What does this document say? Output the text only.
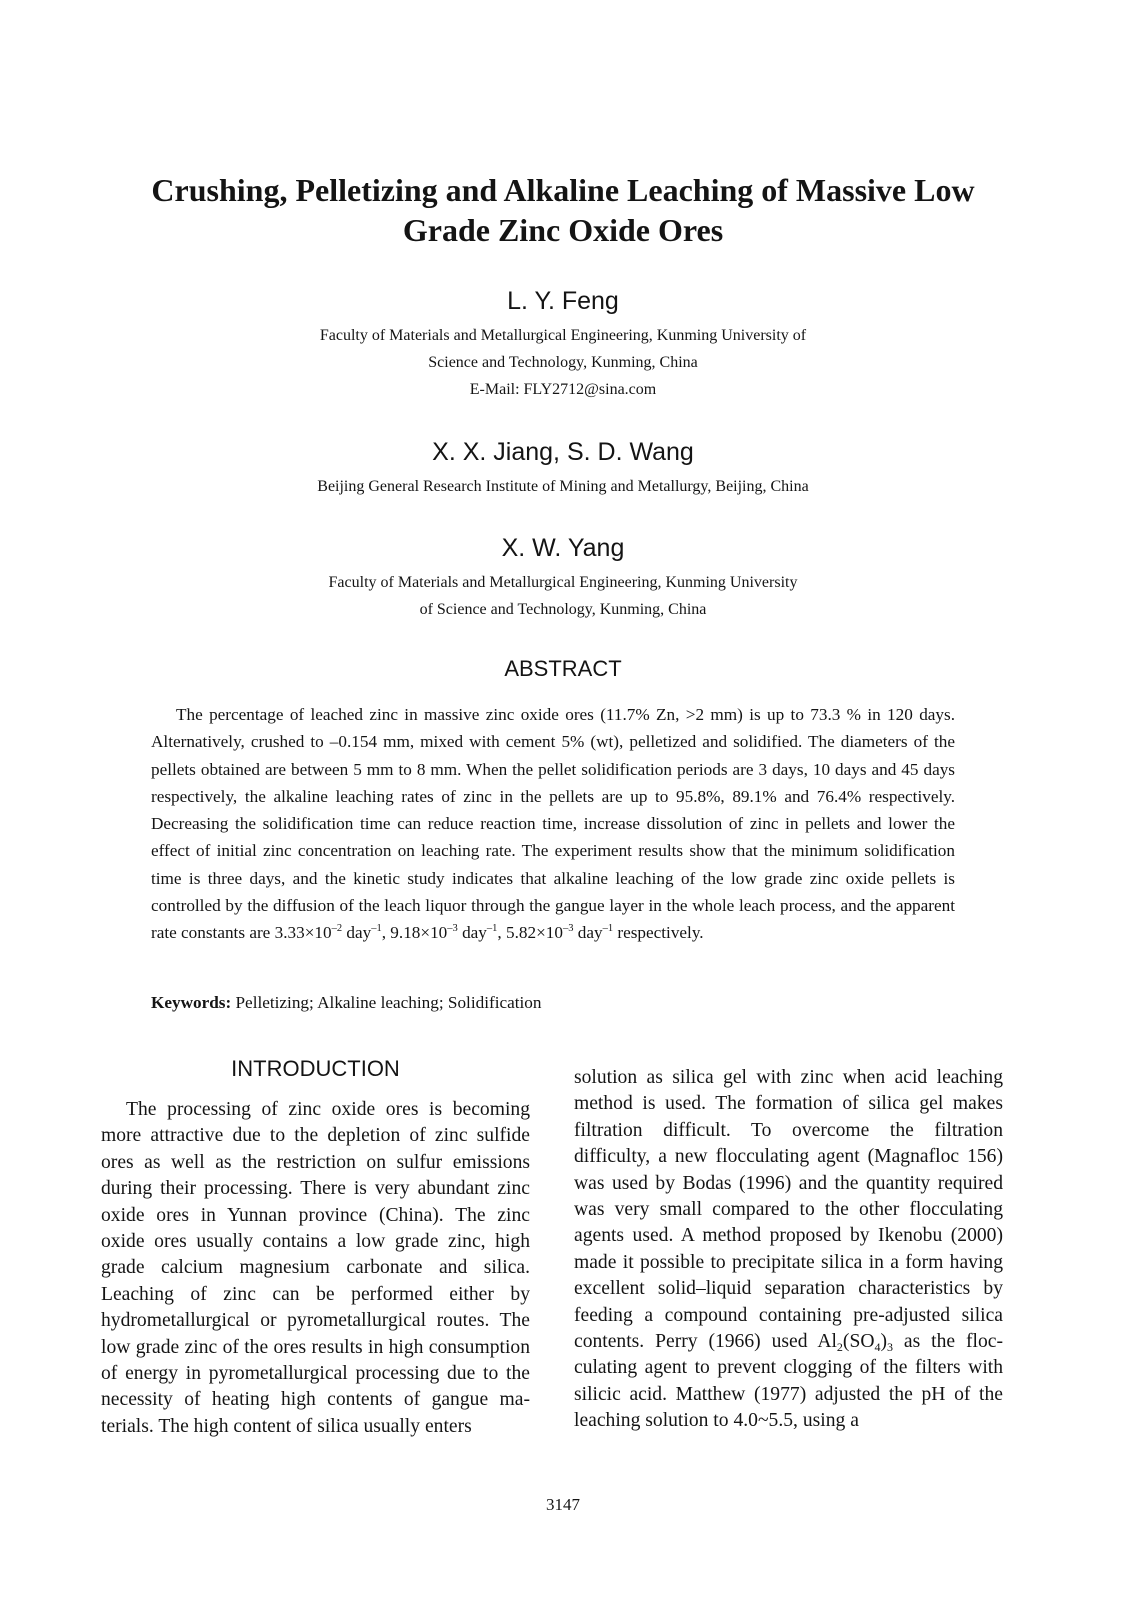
Crushing, Pelletizing and Alkaline Leaching of Massive Low
Grade Zinc Oxide Ores
L. Y. Feng
Faculty of Materials and Metallurgical Engineering, Kunming University of
Science and Technology, Kunming, China
E-Mail: FLY2712@sina.com
X. X. Jiang, S. D. Wang
Beijing General Research Institute of Mining and Metallurgy, Beijing, China
X. W. Yang
Faculty of Materials and Metallurgical Engineering, Kunming University
of Science and Technology, Kunming, China
ABSTRACT
The percentage of leached zinc in massive zinc oxide ores (11.7% Zn, >2 mm) is up to 73.3 % in 120 days. Alternatively, crushed to –0.154 mm, mixed with cement 5% (wt), pelletized and solidified. The diameters of the pellets obtained are between 5 mm to 8 mm. When the pellet solidification periods are 3 days, 10 days and 45 days respectively, the alkaline leaching rates of zinc in the pellets are up to 95.8%, 89.1% and 76.4% respectively. Decreasing the solidification time can reduce reaction time, increase dissolution of zinc in pellets and lower the effect of initial zinc concentration on leaching rate. The experiment results show that the minimum solidification time is three days, and the kinetic study indicates that alkaline leaching of the low grade zinc oxide pellets is controlled by the diffusion of the leach liquor through the gangue layer in the whole leach process, and the apparent rate constants are $3.33\times 10^{-2}$ day$^{-1}$, $9.18\times 10^{-3}$ day$^{-1}$, $5.82\times 10^{-3}$ day$^{-1}$ respectively.
Keywords: Pelletizing; Alkaline leaching; Solidification
INTRODUCTION
The processing of zinc oxide ores is becoming more attractive due to the depletion of zinc sulfide ores as well as the restriction on sulfur emissions during their processing. There is very abundant zinc oxide ores in Yunnan province (China). The zinc oxide ores usually contains a low grade zinc, high grade calcium magnesium carbonate and silica. Leaching of zinc can be performed either by hydrometallurgical or pyrometallurgical routes. The low grade zinc of the ores results in high consumption of energy in pyrometallurgical processing due to the necessity of heating high contents of gangue materials. The high content of silica usually enters
solution as silica gel with zinc when acid leaching method is used. The formation of silica gel makes filtration difficult. To overcome the filtration difficulty, a new flocculating agent (Magnafloc 156) was used by Bodas (1996) and the quantity required was very small compared to the other flocculating agents used. A method proposed by Ikenobu (2000) made it possible to precipitate silica in a form having excellent solid–liquid separation characteristics by feeding a compound containing pre-adjusted silica contents. Perry (1966) used $Al_2(SO_4)_3$ as the flocculating agent to prevent clogging of the filters with silicic acid. Matthew (1977) adjusted the pH of the leaching solution to 4.0~5.5, using a
3147
